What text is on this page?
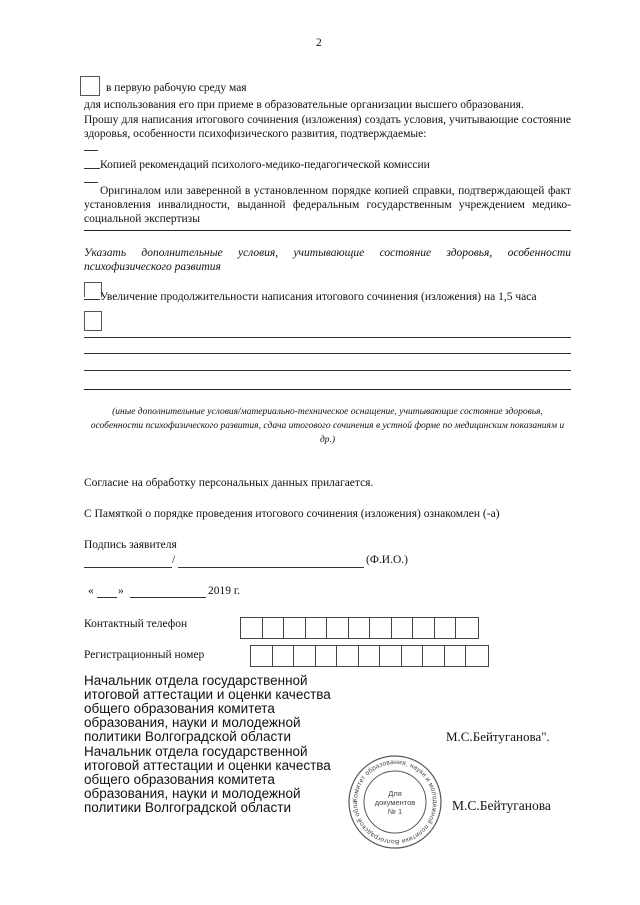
2
в первую рабочую среду мая
для использования его при приеме в образовательные организации высшего образования.
Прошу для написания итогового сочинения (изложения) создать условия, учитывающие состояние здоровья, особенности психофизического развития, подтверждаемые:
Копией рекомендаций психолого-медико-педагогической комиссии
Оригиналом или заверенной в установленном порядке копией справки, подтверждающей факт установления инвалидности, выданной федеральным государственным учреждением медико-социальной экспертизы
Указать дополнительные условия, учитывающие состояние здоровья, особенности психофизического развития
Увеличение продолжительности написания итогового сочинения (изложения) на 1,5 часа
(иные дополнительные условия/материально-техническое оснащение, учитывающие состояние здоровья, особенности психофизического развития, сдача итогового сочинения в устной форме по медицинским показаниям и др.)
Согласие на обработку персональных данных прилагается.
С Памяткой о порядке проведения итогового сочинения (изложения) ознакомлен (-а)
Подпись заявителя
/	(Ф.И.О.)
« »	2019 г.
Контактный телефон
Регистрационный номер
Начальник отдела государственной
итоговой аттестации и оценки качества
общего образования комитета
образования, науки и молодежной
политики Волгоградской области	М.С.Бейтуганова".
Начальник отдела государственной
итоговой аттестации и оценки качества
общего образования комитета
образования, науки и молодежной
политики Волгоградской области	М.С.Бейтуганова
Комитет образования, науки и молодежной политики Волгоградской обла
Для
документов
№ 1
